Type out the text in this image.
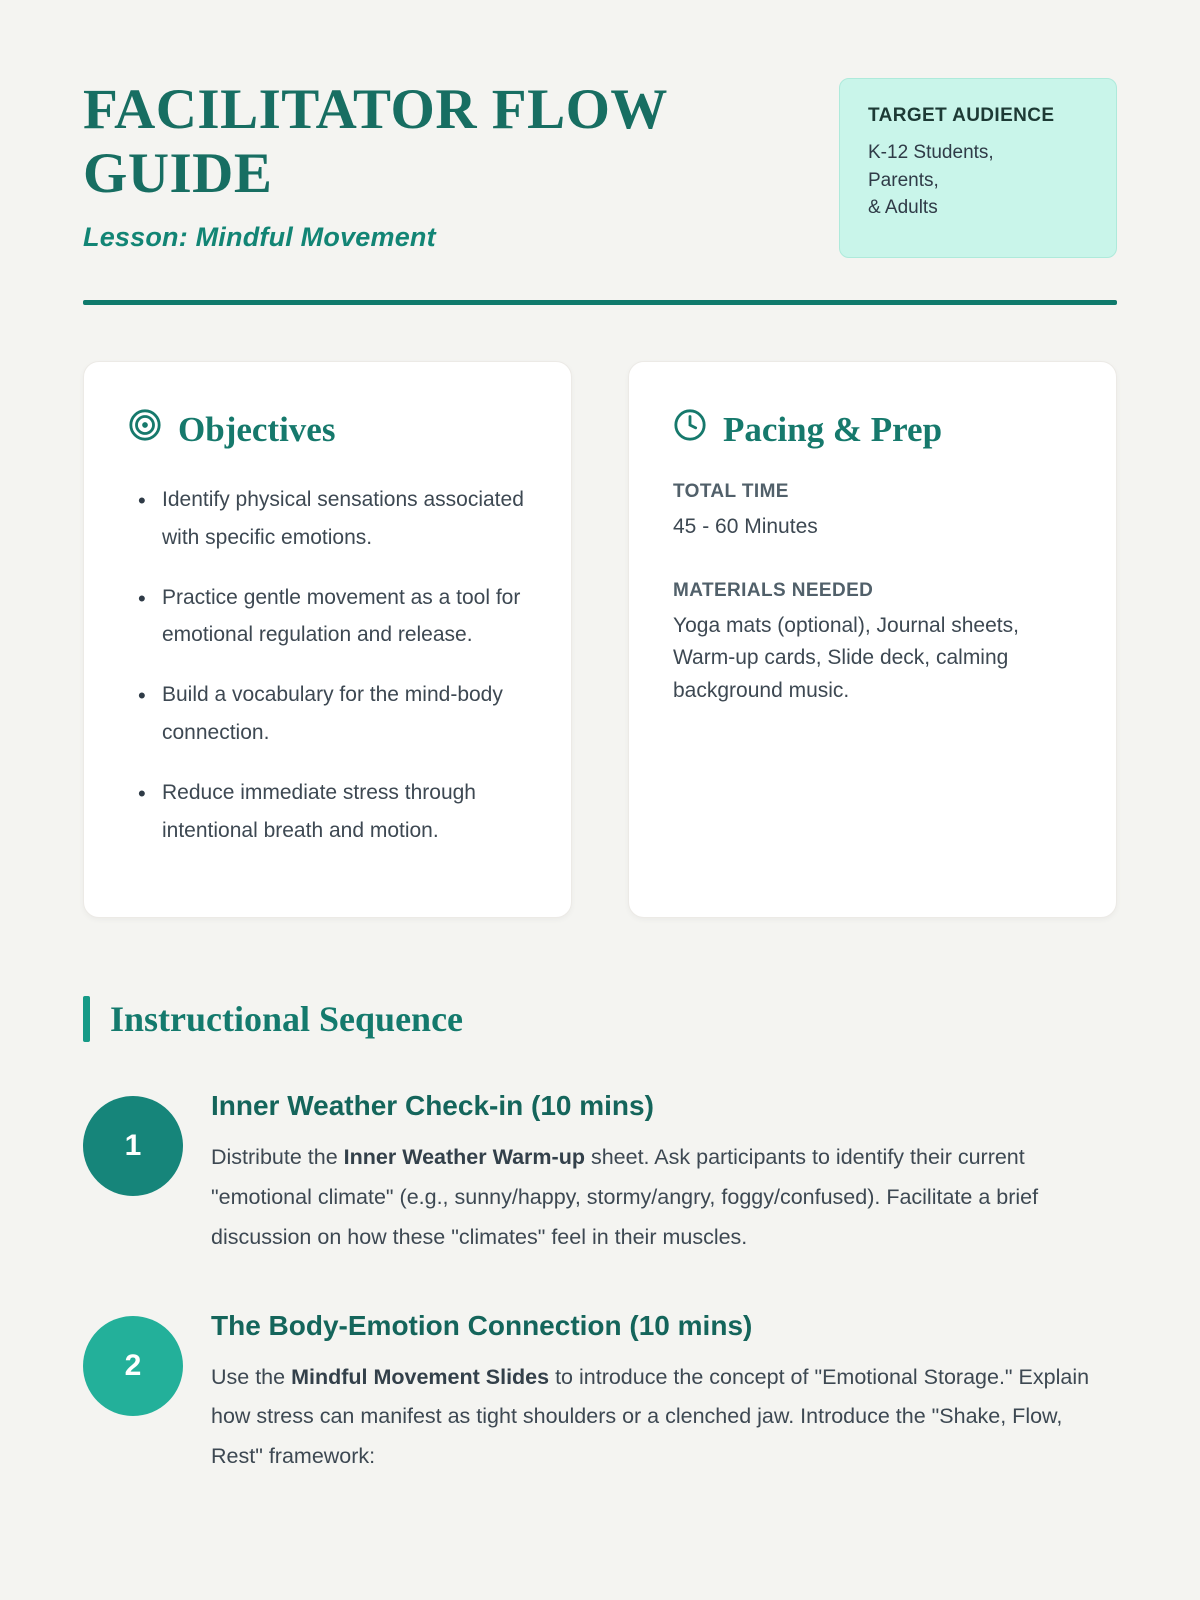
FACILITATOR FLOW GUIDE
Lesson: Mindful Movement
TARGET AUDIENCE
K-12 Students,
Parents,
& Adults
Objectives
• Identify physical sensations associated with specific emotions.
• Practice gentle movement as a tool for emotional regulation and release.
• Build a vocabulary for the mind-body connection.
• Reduce immediate stress through intentional breath and motion.
Pacing & Prep
TOTAL TIME
45 - 60 Minutes
MATERIALS NEEDED
Yoga mats (optional), Journal sheets, Warm-up cards, Slide deck, calming background music.
Instructional Sequence
1
Inner Weather Check-in (10 mins)

Distribute the Inner Weather Warm-up sheet. Ask participants to identify their current "emotional climate" (e.g., sunny/happy, stormy/angry, foggy/confused). Facilitate a brief discussion on how these "climates" feel in their muscles.

2
The Body-Emotion Connection (10 mins)

Use the Mindful Movement Slides to introduce the concept of "Emotional Storage." Explain how stress can manifest as tight shoulders or a clenched jaw. Introduce the "Shake, Flow, Rest" framework:
